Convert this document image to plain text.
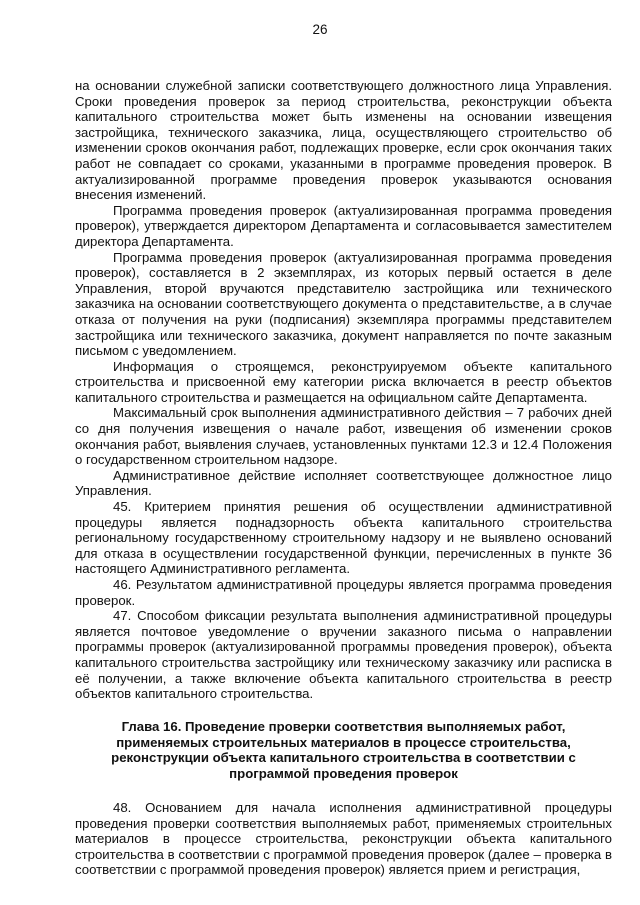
26

на основании служебной записки соответствующего должностного лица Управления. Сроки проведения проверок за период строительства, реконструкции объекта капитального строительства может быть изменены на основании извещения застройщика, технического заказчика, лица, осуществляющего строительство об изменении сроков окончания работ, подлежащих проверке, если срок окончания таких работ не совпадает со сроками, указанными в программе проведения проверок. В актуализированной программе проведения проверок указываются основания внесения изменений.

Программа проведения проверок (актуализированная программа проведения проверок), утверждается директором Департамента и согласовывается заместителем директора Департамента.

Программа проведения проверок (актуализированная программа проведения проверок), составляется в 2 экземплярах, из которых первый остается в деле Управления, второй вручаются представителю застройщика или технического заказчика на основании соответствующего документа о представительстве, а в случае отказа от получения на руки (подписания) экземпляра программы представителем застройщика или технического заказчика, документ направляется по почте заказным письмом с уведомлением.

Информация о строящемся, реконструируемом объекте капитального строительства и присвоенной ему категории риска включается в реестр объектов капитального строительства и размещается на официальном сайте Департамента.

Максимальный срок выполнения административного действия – 7 рабочих дней со дня получения извещения о начале работ, извещения об изменении сроков окончания работ, выявления случаев, установленных пунктами 12.3 и 12.4 Положения о государственном строительном надзоре.

Административное действие исполняет соответствующее должностное лицо Управления.

45. Критерием принятия решения об осуществлении административной процедуры является поднадзорность объекта капитального строительства региональному государственному строительному надзору и не выявлено оснований для отказа в осуществлении государственной функции, перечисленных в пункте 36 настоящего Административного регламента.

46. Результатом административной процедуры является программа проведения проверок.

47. Способом фиксации результата выполнения административной процедуры является почтовое уведомление о вручении заказного письма о направлении программы проверок (актуализированной программы проведения проверок), объекта капитального строительства застройщику или техническому заказчику или расписка в её получении, а также включение объекта капитального строительства в реестр объектов капитального строительства.

Глава 16. Проведение проверки соответствия выполняемых работ, применяемых строительных материалов в процессе строительства, реконструкции объекта капитального строительства в соответствии с программой проведения проверок

48. Основанием для начала исполнения административной процедуры проведения проверки соответствия выполняемых работ, применяемых строительных материалов в процессе строительства, реконструкции объекта капитального строительства в соответствии с программой проведения проверок (далее – проверка в соответствии с программой проведения проверок) является прием и регистрация,
